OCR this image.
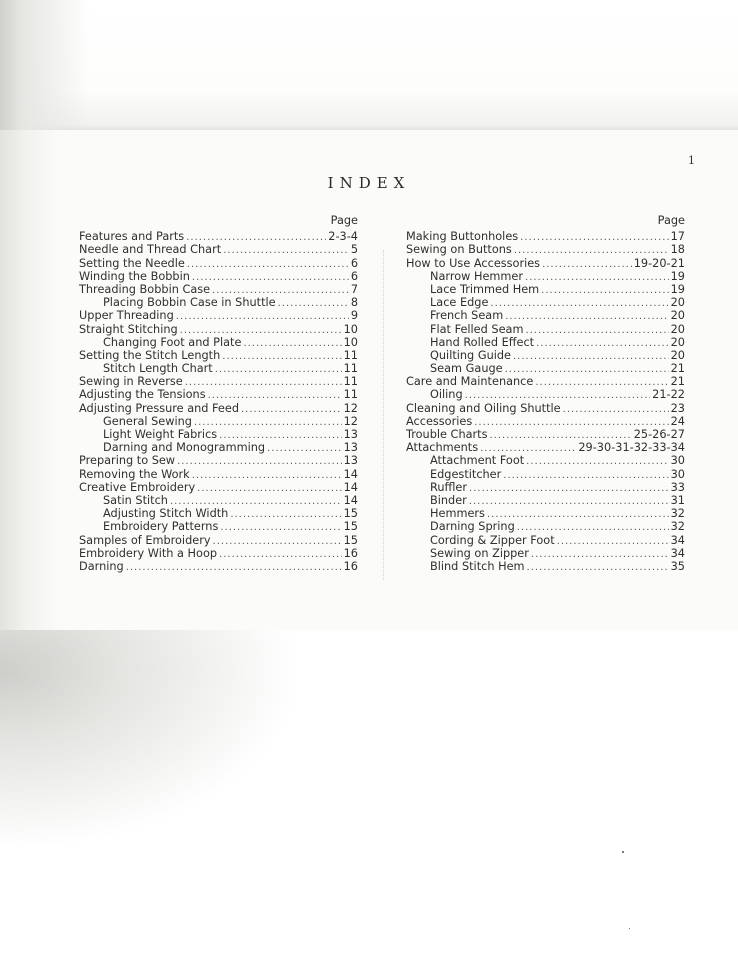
1
INDEX
Page
Features and Parts .....	2-3-4
Needle and Thread Chart .....	5
Setting the Needle .....	6
Winding the Bobbin .....	6
Threading Bobbin Case .....	7
Placing Bobbin Case in Shuttle .....	8
Upper Threading .....	9
Straight Stitching .....	10
Changing Foot and Plate .....	10
Setting the Stitch Length .....	11
Stitch Length Chart .....	11
Sewing in Reverse .....	11
Adjusting the Tensions .....	11
Adjusting Pressure and Feed .....	12
General Sewing .....	12
Light Weight Fabrics .....	13
Darning and Monogramming .....	13
Preparing to Sew .....	13
Removing the Work .....	14
Creative Embroidery .....	14
Satin Stitch .....	14
Adjusting Stitch Width .....	15
Embroidery Patterns .....	15
Samples of Embroidery .....	15
Embroidery With a Hoop .....	16
Darning .....	16
Page
Making Buttonholes .....	17
Sewing on Buttons .....	18
How to Use Accessories .....	19-20-21
Narrow Hemmer .....	19
Lace Trimmed Hem .....	19
Lace Edge .....	20
French Seam .....	20
Flat Felled Seam .....	20
Hand Rolled Effect .....	20
Quilting Guide .....	20
Seam Gauge .....	21
Care and Maintenance .....	21
Oiling .....	21-22
Cleaning and Oiling Shuttle .....	23
Accessories .....	24
Trouble Charts .....	25-26-27
Attachments .....	29-30-31-32-33-34
Attachment Foot .....	30
Edgestitcher .....	30
Ruffler .....	33
Binder .....	31
Hemmers .....	32
Darning Spring .....	32
Cording & Zipper Foot .....	34
Sewing on Zipper .....	34
Blind Stitch Hem .....	35
